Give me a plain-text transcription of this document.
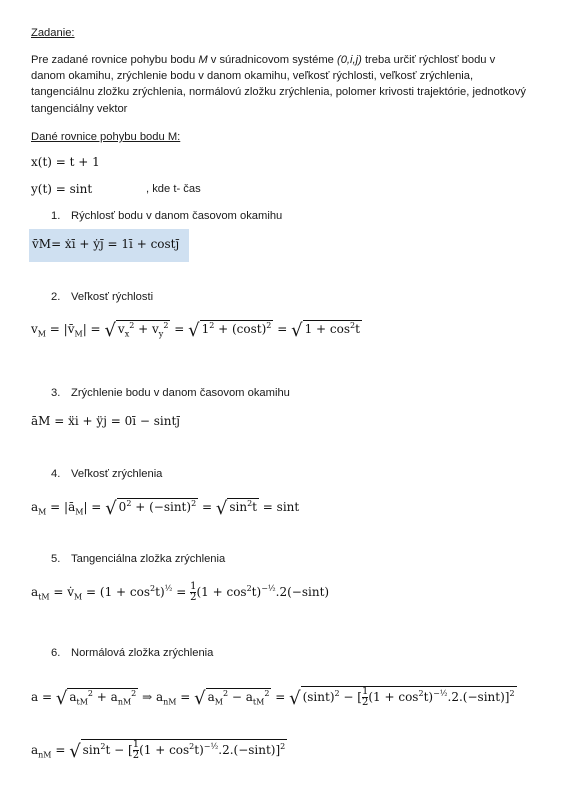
Zadanie:
Pre zadané rovnice pohybu bodu M v súradnicovom systéme (0,i,j) treba určiť rýchlosť bodu v danom okamihu, zrýchlenie bodu v danom okamihu, veľkosť rýchlosti, veľkosť zrýchlenia, tangenciálnu zložku zrýchlenia, normálovú zložku zrýchlenia, polomer krivosti trajektórie, jednotkový tangenciálny vektor
Dané rovnice pohybu bodu M:
x(t) = t + 1
y(t) = sint	, kde t- čas
1. Rýchlosť bodu v danom časovom okamihu
v̄M= ẋī + ẏj̄ = 1ī + costj̄
2. Veľkosť rýchlosti
$v_M$ = $|v̄_M|$ = √ $v_x^2 + v_y^2$ = √ $1^2 + (\cos t)^2$ = √ $1 + \cos^2t$
3. Zrýchlenie bodu v danom časovom okamihu
āM = ẍi + ÿj = 0ī − sintj̄
4. Veľkosť zrýchlenia
$a_M$ = $|ā_M|$ = √ $0^2 + (-\sin t)^2$ = √ $\sin^2t = \sin t$
5. Tangenciálna zložka zrýchlenia
$a_{tM}$ = $v̇_M = (1 + \cos^2t)^{\frac{1}{2}} = \frac{1}{2} (1 + \cos^2t)^{-\frac{1}{2}}.2(-\sin t)$
6. Normálová zložka zrýchlenia
a = √ $a_{tM}^2 + a_{nM}^2$ ⇒ $a_{nM}$ = √ $a_M^2 - a_{tM}^2$ = √ $(\sin t)^2$ − [ $\frac{1}{2} (1 + \cos^2t)^{-\frac{1}{2}}.2.(-\sin t)]^2$
$a_{nM}$ = √ $\sin^2t$ − [ $\frac{1}{2} (1 + \cos^2t)^{-\frac{1}{2}}.2.(-\sin t)]^2$
